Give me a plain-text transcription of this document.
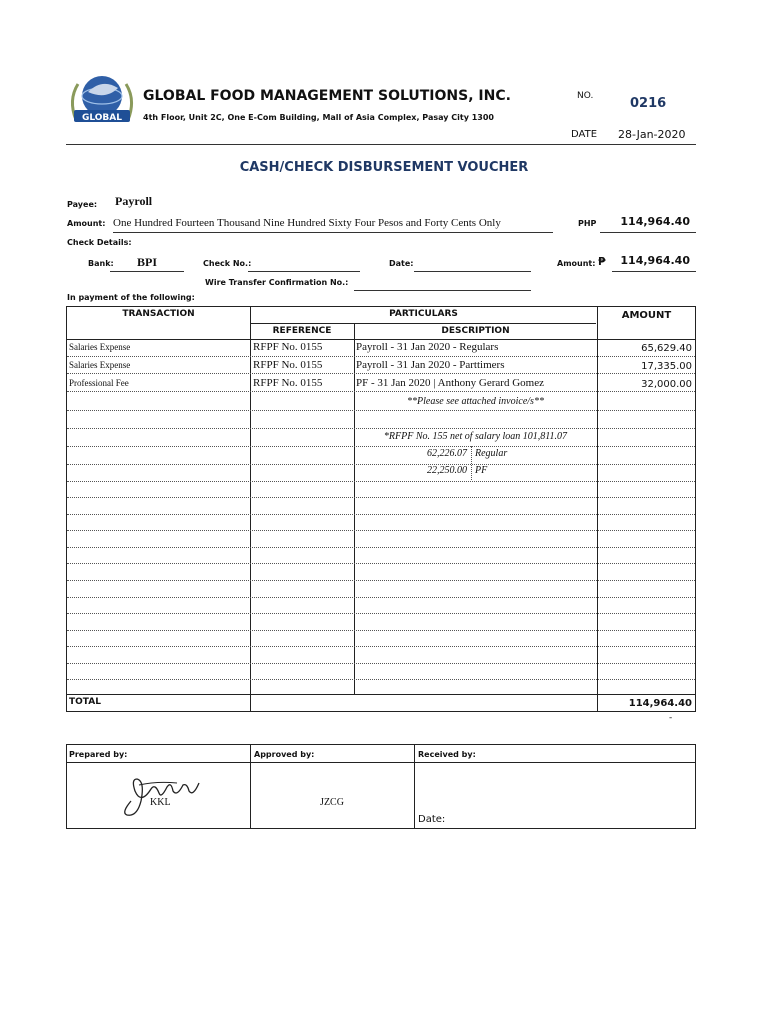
GLOBAL
GLOBAL FOOD MANAGEMENT SOLUTIONS, INC.
4th Floor, Unit 2C, One E-Com Building, Mall of Asia Complex, Pasay City 1300
NO.	0216
DATE 28-Jan-2020
CASH/CHECK DISBURSEMENT VOUCHER
Payee: Payroll
Amount: One Hundred Fourteen Thousand Nine Hundred Sixty Four Pesos and Forty Cents Only	PHP	114,964.40
Check Details:
Bank:	BPI	Check No.:	Date:	Amount: ₱	114,964.40
Wire Transfer Confirmation No.:
In payment of the following:
TRANSACTION	PARTICULARS	AMOUNT
REFERENCE	DESCRIPTION
Salaries Expense	RFPF No. 0155	Payroll - 31 Jan 2020 - Regulars	65,629.40
Salaries Expense	RFPF No. 0155	Payroll - 31 Jan 2020 - Parttimers	17,335.00
Professional Fee	RFPF No. 0155	PF - 31 Jan 2020 | Anthony Gerard Gomez	32,000.00
**Please see attached invoice/s**
*RFPF No. 155 net of salary loan 101,811.07
62,226.07 Regular
22,250.00 PF
TOTAL	114,964.40
-
Prepared by:	Approved by:	Received by:
KKL	JZCG
Date:
